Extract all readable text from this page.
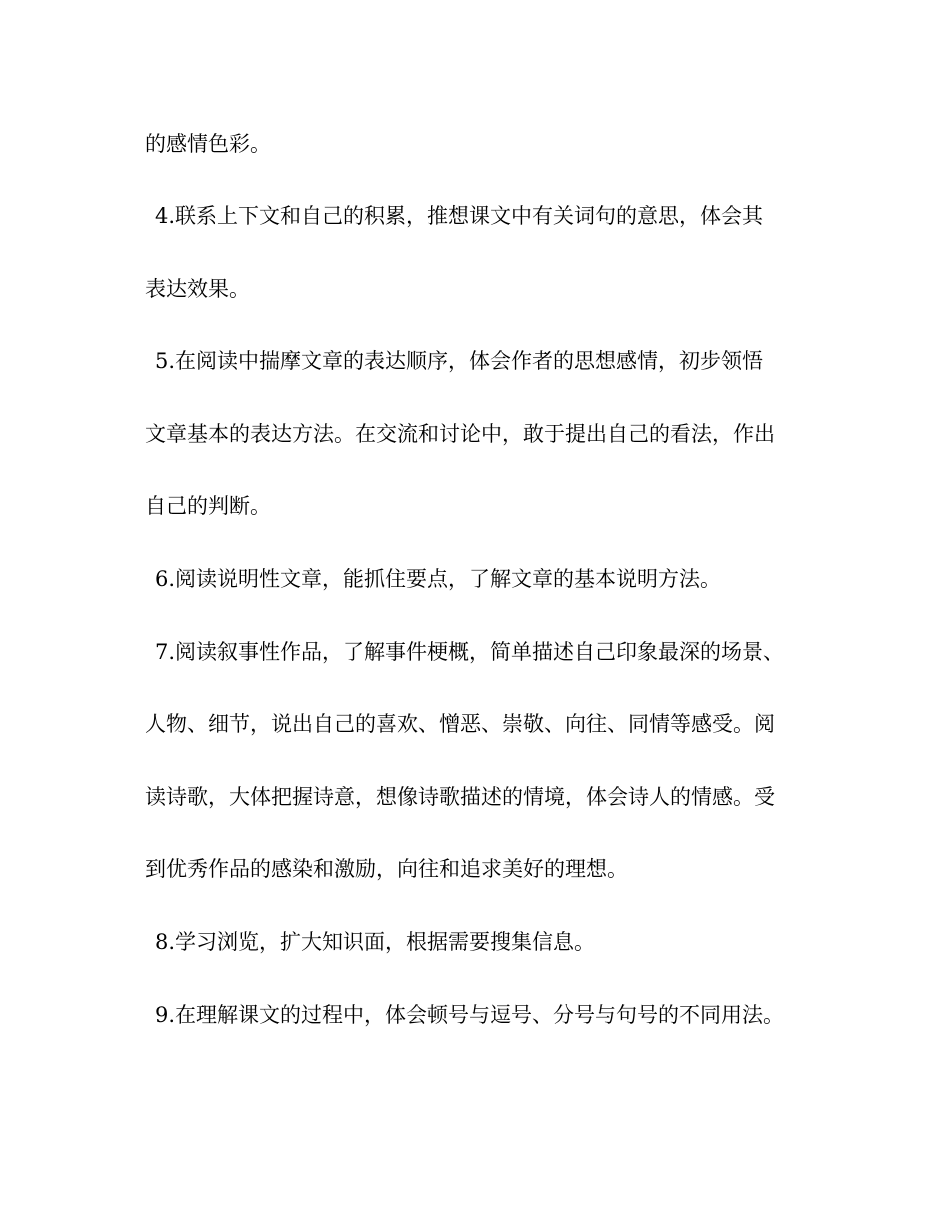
的感情色彩。
4.联系上下文和自己的积累，推想课文中有关词句的意思，体会其
表达效果。
5.在阅读中揣摩文章的表达顺序，体会作者的思想感情，初步领悟
文章基本的表达方法。在交流和讨论中，敢于提出自己的看法，作出
自己的判断。
6.阅读说明性文章，能抓住要点，了解文章的基本说明方法。
7.阅读叙事性作品，了解事件梗概，简单描述自己印象最深的场景、
人物、细节，说出自己的喜欢、憎恶、崇敬、向往、同情等感受。阅
读诗歌，大体把握诗意，想像诗歌描述的情境，体会诗人的情感。受
到优秀作品的感染和激励，向往和追求美好的理想。
8.学习浏览，扩大知识面，根据需要搜集信息。
9.在理解课文的过程中，体会顿号与逗号、分号与句号的不同用法。
